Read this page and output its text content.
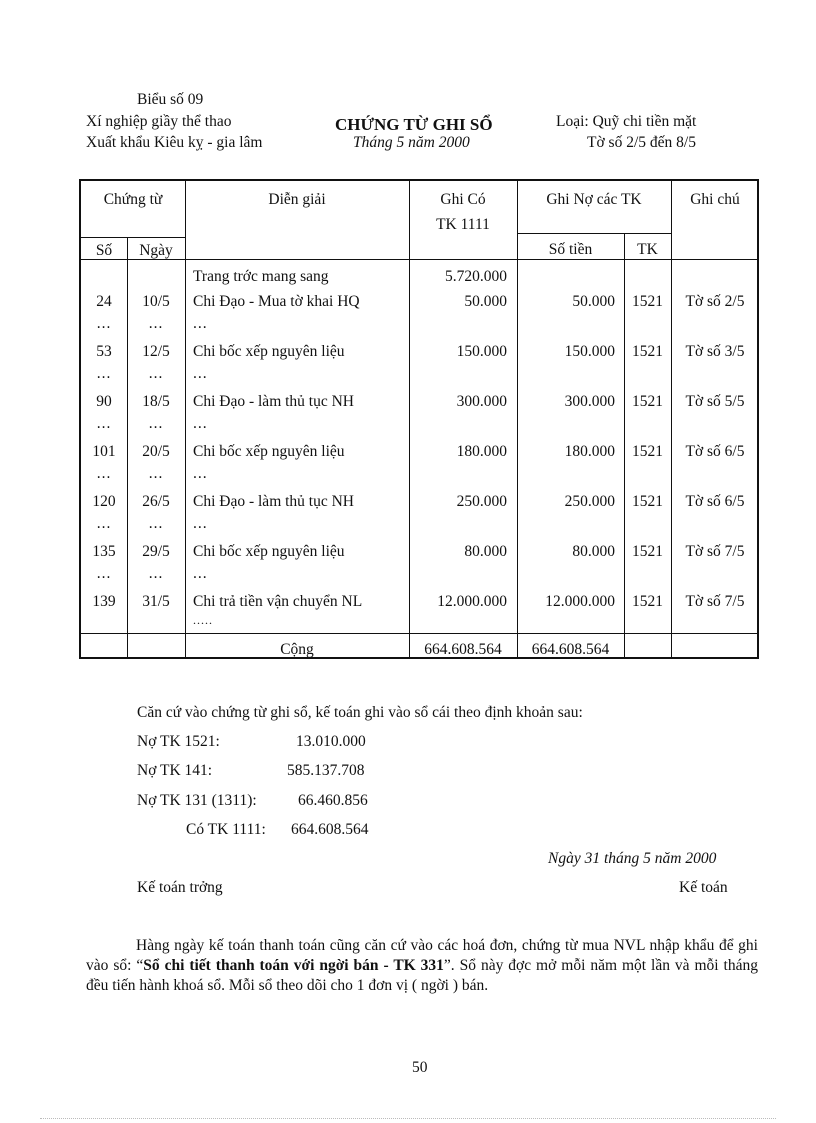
Biểu số 09
Xí nghiệp giầy thể thao
Xuất khẩu Kiêu kỵ - gia lâm
CHỨNG TỪ GHI SỔ
Tháng 5 năm 2000
Loại: Quỹ chi tiền mặt
Tờ số 2/5 đến 8/5
Chứng từ	Diễn giải	Ghi Có
TK 1111
Ghi Nợ các TK	Ghi chú
Số	Ngày	Số tiền	TK
Trang trớc mang sang	5.720.000
24	10/5	Chi Đạo - Mua tờ khai HQ	50.000	50.000	1521	Tờ số 2/5
...	...	...
53	12/5	Chi bốc xếp nguyên liệu	150.000	150.000	1521	Tờ số 3/5
...	...	...
90	18/5	Chi Đạo - làm thủ tục NH	300.000	300.000	1521	Tờ số 5/5
...	...	...
101	20/5	Chi bốc xếp nguyên liệu	180.000	180.000	1521	Tờ số 6/5
...	...	...
120	26/5	Chi Đạo - làm thủ tục NH	250.000	250.000	1521	Tờ số 6/5
...	...	...
135	29/5	Chi bốc xếp nguyên liệu	80.000	80.000	1521	Tờ số 7/5
...	...	...
139	31/5	Chi trả tiền vận chuyển NL	12.000.000	12.000.000	1521	Tờ số 7/5
.....
Cộng	664.608.564	664.608.564
Căn cứ vào chứng từ ghi sổ, kế toán ghi vào sổ cái theo định khoản sau:
Nợ TK 1521:	13.010.000
Nợ TK 141:	585.137.708
Nợ TK 131 (1311):	66.460.856
Có TK 1111: 664.608.564
Ngày 31 tháng 5 năm 2000
Kế toán trởng	Kế toán
Hàng ngày kế toán thanh toán cũng căn cứ vào các hoá đơn, chứng từ mua NVL nhập khẩu để ghi vào sổ: “Sổ chi tiết thanh toán với ngời bán - TK 331”. Sổ này đợc mở mỗi năm một lần và mỗi tháng đều tiến hành khoá sổ. Mỗi sổ theo dõi cho 1 đơn vị ( ngời ) bán.
50
